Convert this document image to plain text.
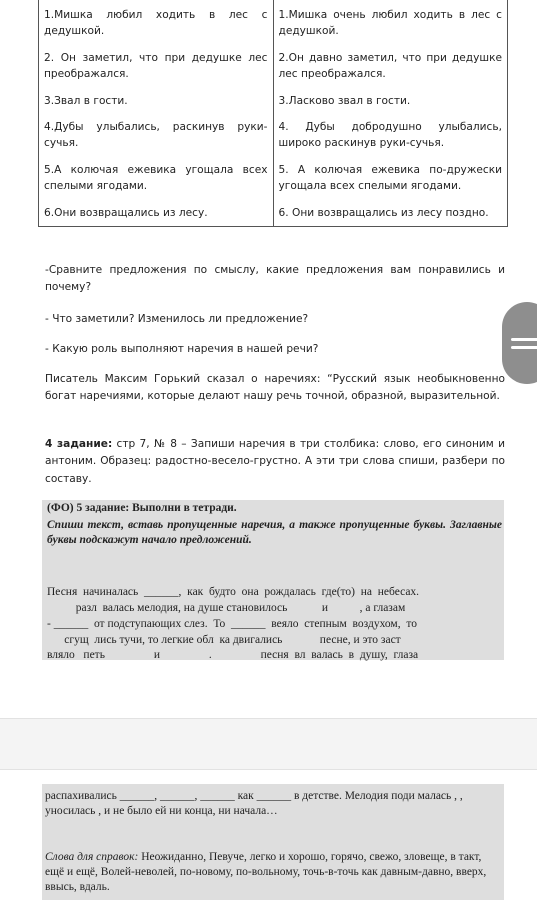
1.Мишка любил ходить в лес с дедушкой.	1.Мишка очень любил ходить в лес с дедушкой.
2. Он заметил, что при дедушке лес преображался.	2.Он давно заметил, что при дедушке лес преображался.
3.Звал в гости.	3.Ласково звал в гости.
4.Дубы улыбались, раскинув руки-сучья.	4. Дубы добродушно улыбались, широко раскинув руки-сучья.
5.А колючая ежевика угощала всех спелыми ягодами.	5. А колючая ежевика по-дружески угощала всех спелыми ягодами.
6.Они возвращались из лесу.	6. Они возвращались из лесу поздно.
-Сравните предложения по смыслу, какие предложения вам понравились и почему?
- Что заметили? Изменилось ли предложение?
- Какую роль выполняют наречия в нашей речи?
Писатель Максим Горький сказал о наречиях: “Русский язык необыкновенно богат наречиями, которые делают нашу речь точной, образной, выразительной.
4 задание: стр 7, № 8 – Запиши наречия в три столбика: слово, его синоним и антоним. Образец: радостно-весело-грустно. А эти три слова спиши, разбери по составу.
(ФО) 5 задание: Выполни в тетради.
Спиши текст, вставь пропущенные наречия, а также пропущенные буквы. Заглавные буквы подскажут начало предложений.
Песня  начиналась  ______,  как  будто  она  рождалась  где(то)  на  небесах.
разл  валась мелодия, на душе становилось            и           , а глазам
- ______  от подступающих слез.  То  ______  веяло  степным  воздухом,  то
сгущ  лись тучи, то легкие обл  ка двигались             песне, и это заст
вляло   петь                 и                 .                 песня  вл  валась  в  душу,  глаза
распахивались ______, ______, ______ как ______ в детстве. Мелодия поди малась , , уносилась , и не было ей ни конца, ни начала…
Слова для справок: Неожиданно, Певуче, легко и хорошо, горячо, свежо, зловеще, в такт, ещё и ещё, Волей-неволей, по-новому, по-вольному, точь-в-точь как давным-давно, вверх, ввысь, вдаль.
